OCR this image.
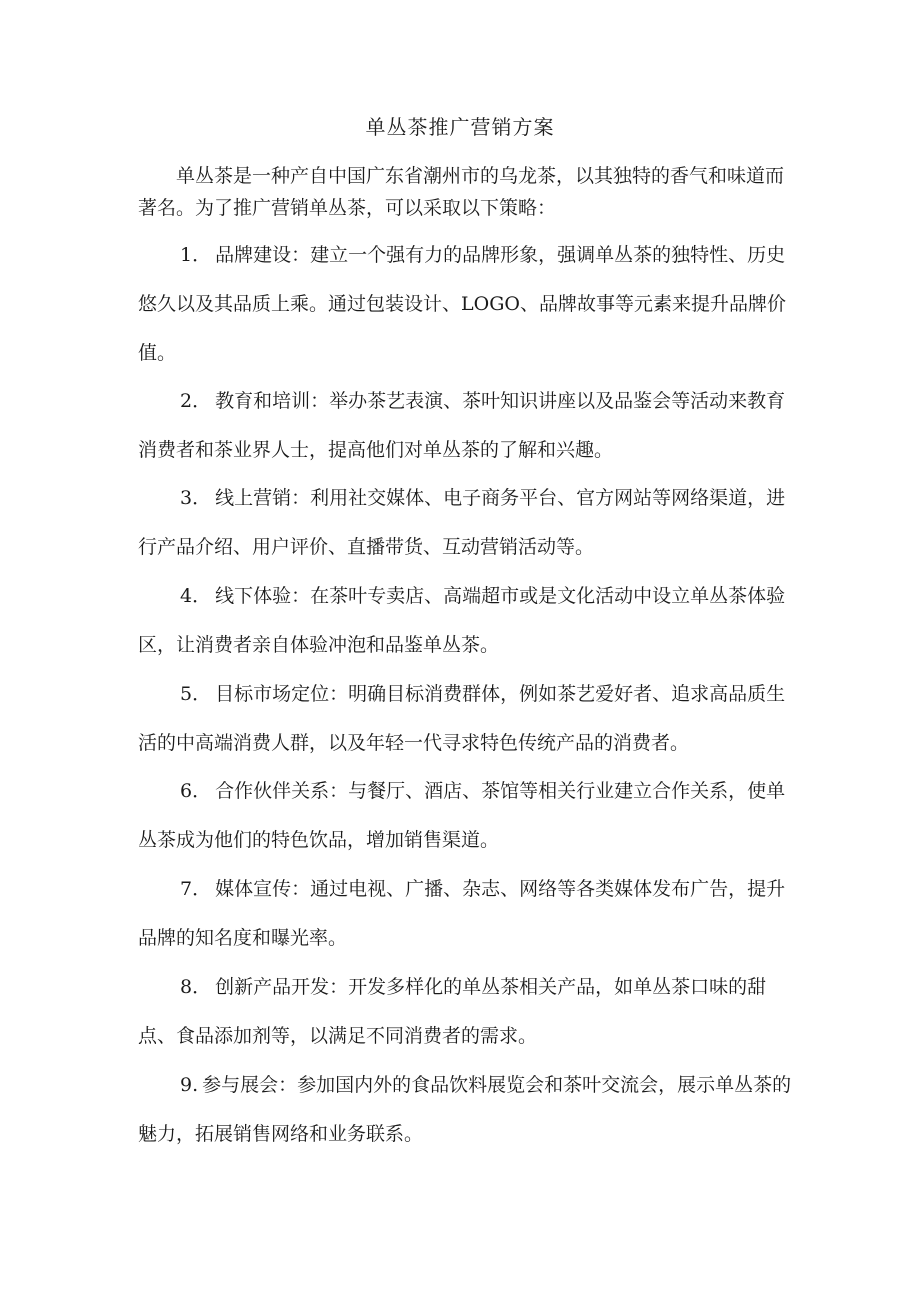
单丛茶推广营销方案

单丛茶是一种产自中国广东省潮州市的乌龙茶，以其独特的香气和味道而著名。为了推广营销单丛茶，可以采取以下策略：

1． 品牌建设：建立一个强有力的品牌形象，强调单丛茶的独特性、历史悠久以及其品质上乘。通过包装设计、LOGO、品牌故事等元素来提升品牌价值。

2． 教育和培训：举办茶艺表演、茶叶知识讲座以及品鉴会等活动来教育消费者和茶业界人士，提高他们对单丛茶的了解和兴趣。

3． 线上营销：利用社交媒体、电子商务平台、官方网站等网络渠道，进行产品介绍、用户评价、直播带货、互动营销活动等。

4． 线下体验：在茶叶专卖店、高端超市或是文化活动中设立单丛茶体验区，让消费者亲自体验冲泡和品鉴单丛茶。

5． 目标市场定位：明确目标消费群体，例如茶艺爱好者、追求高品质生活的中高端消费人群，以及年轻一代寻求特色传统产品的消费者。

6． 合作伙伴关系：与餐厅、酒店、茶馆等相关行业建立合作关系，使单丛茶成为他们的特色饮品，增加销售渠道。

7． 媒体宣传：通过电视、广播、杂志、网络等各类媒体发布广告，提升品牌的知名度和曝光率。

8． 创新产品开发：开发多样化的单丛茶相关产品，如单丛茶口味的甜点、食品添加剂等，以满足不同消费者的需求。

9. 参与展会：参加国内外的食品饮料展览会和茶叶交流会，展示单丛茶的魅力，拓展销售网络和业务联系。
